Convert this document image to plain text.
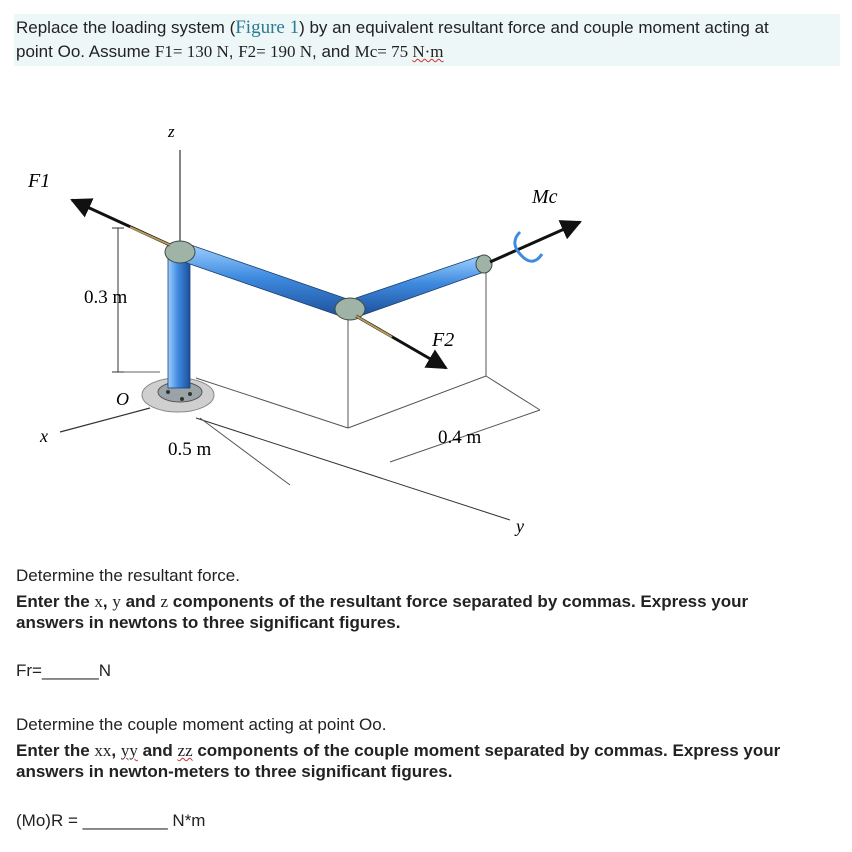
Replace the loading system (Figure 1) by an equivalent resultant force and couple moment acting at
point Oo. Assume F1= 130 N, F2= 190 N, and Mc= 75 N·m
z
F1
Mc
0.3 m
O
F2
x
0.5 m
0.4 m
y
Determine the resultant force.
Enter the x, y and z components of the resultant force separated by commas. Express your
answers in newtons to three significant figures.
Fr=______N
Determine the couple moment acting at point Oo.
Enter the xx, yy and zz components of the couple moment separated by commas. Express your
answers in newton-meters to three significant figures.
(Mo)R = _________ N*m
